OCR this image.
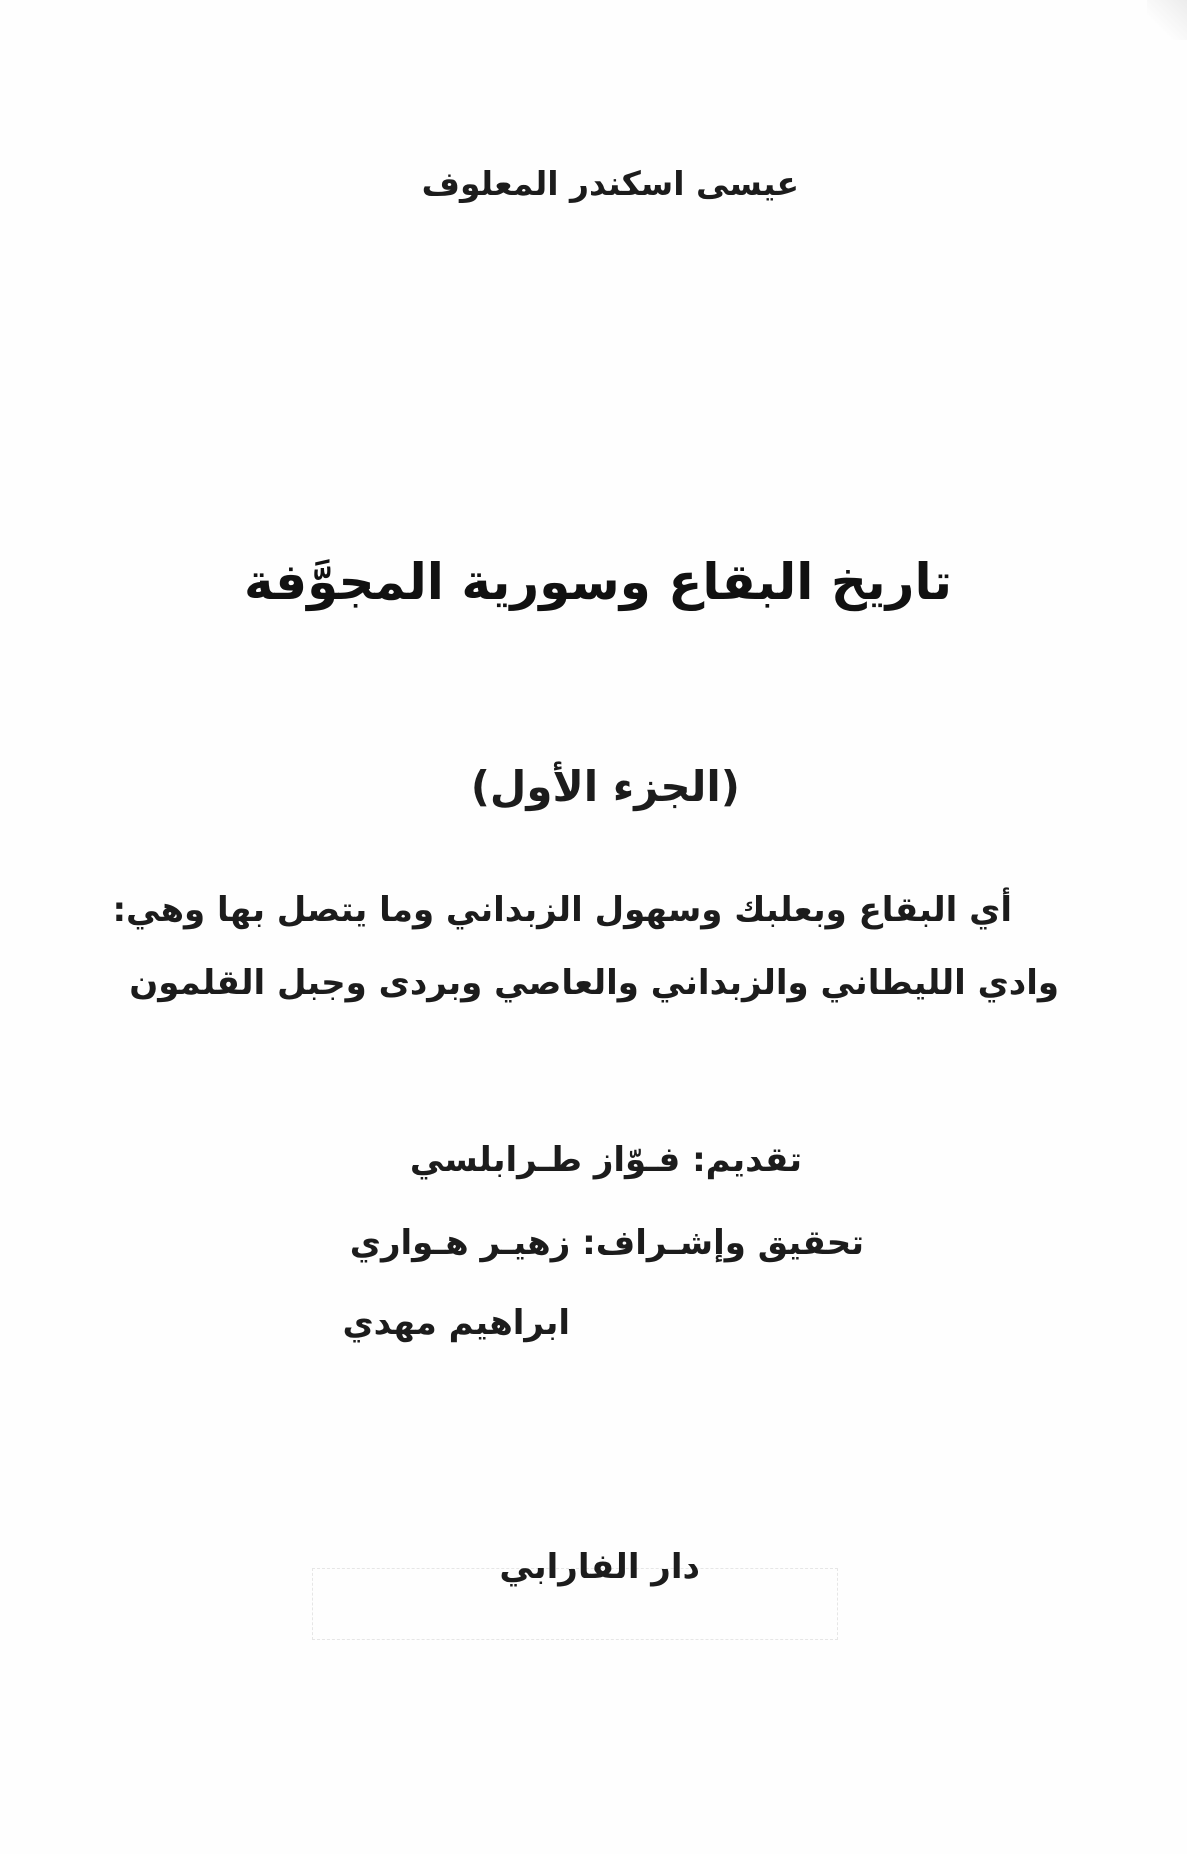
عيسى اسكندر المعلوف
تاريخ البقاع وسورية المجوَّفة
(الجزء الأول)
أي البقاع وبعلبك وسهول الزبداني وما يتصل بها وهي:
وادي الليطاني والزبداني والعاصي وبردى وجبل القلمون
تقديم: فـوّاز طـرابلسي
تحقيق وإشـراف: زهيـر هـواري
ابراهيم مهدي
دار الفارابي
